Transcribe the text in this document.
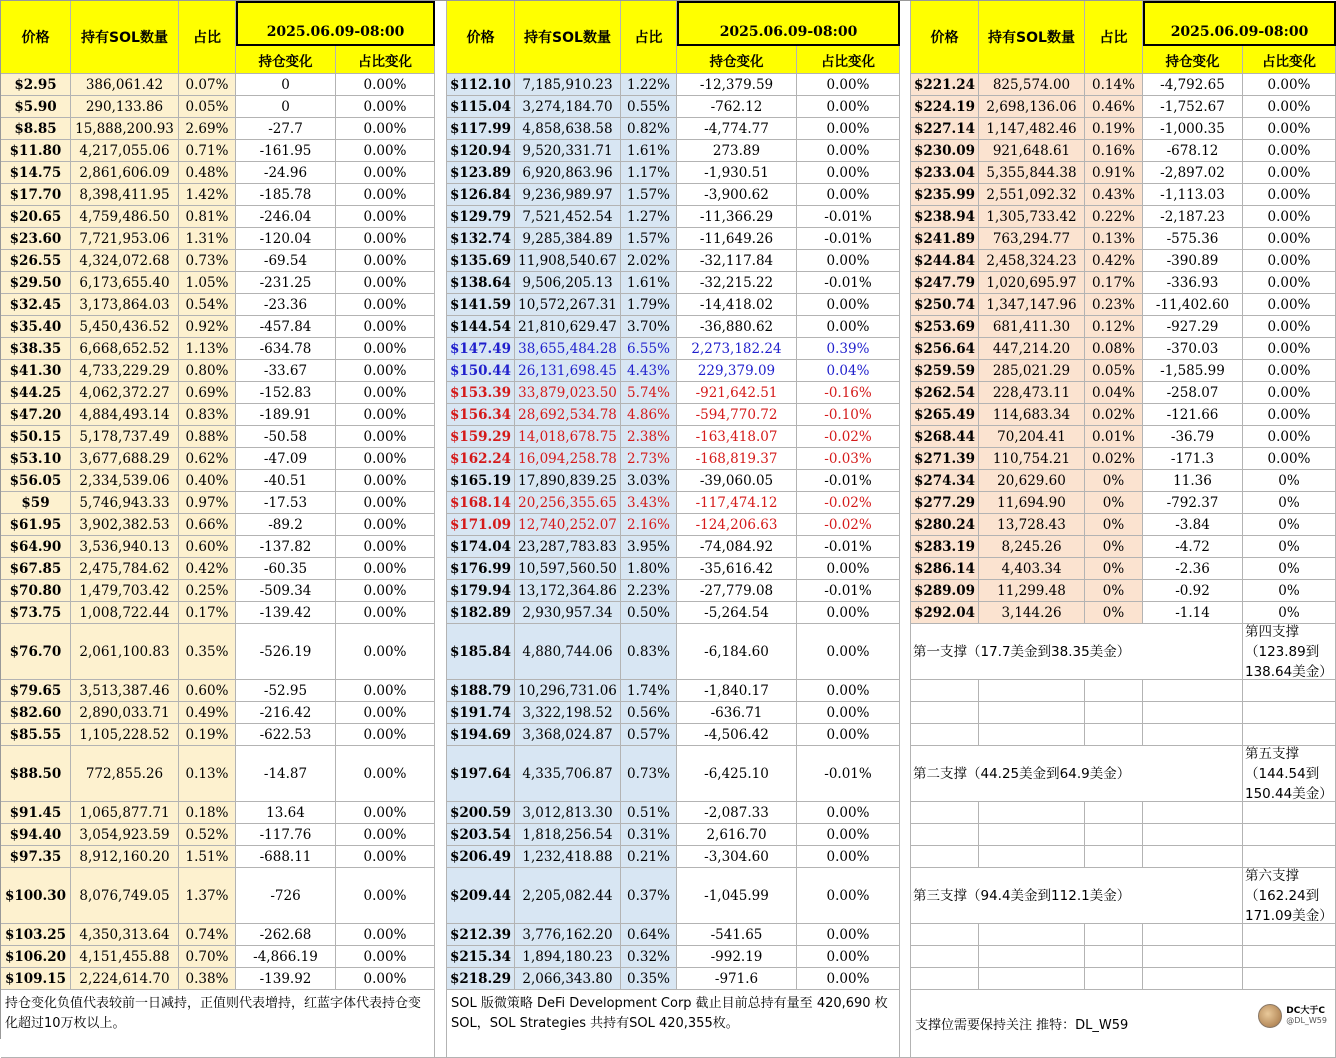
价格	持有SOL数量	占比	2025.06.09-08:00
持仓变化	占比变化
价格	持有SOL数量	占比	2025.06.09-08:00
持仓变化	占比变化
价格	持有SOL数量	占比	2025.06.09-08:00
持仓变化	占比变化
$2.95	386,061.42	0.07%	0	0.00%
$5.90	290,133.86	0.05%	0	0.00%
$8.85	15,888,200.93 2.69%	-27.7	0.00%
$11.80	4,217,055.06	0.71%	-161.95	0.00%
$14.75	2,861,606.09	0.48%	-24.96	0.00%
$17.70	8,398,411.95	1.42%	-185.78	0.00%
$20.65	4,759,486.50	0.81%	-246.04	0.00%
$23.60	7,721,953.06	1.31%	-120.04	0.00%
$26.55	4,324,072.68	0.73%	-69.54	0.00%
$29.50	6,173,655.40	1.05%	-231.25	0.00%
$32.45	3,173,864.03	0.54%	-23.36	0.00%
$35.40	5,450,436.52	0.92%	-457.84	0.00%
$38.35	6,668,652.52	1.13%	-634.78	0.00%
$41.30	4,733,229.29	0.80%	-33.67	0.00%
$44.25	4,062,372.27	0.69%	-152.83	0.00%
$47.20	4,884,493.14	0.83%	-189.91	0.00%
$50.15	5,178,737.49	0.88%	-50.58	0.00%
$53.10	3,677,688.29	0.62%	-47.09	0.00%
$56.05	2,334,539.06	0.40%	-40.51	0.00%
$59	5,746,943.33	0.97%	-17.53	0.00%
$61.95	3,902,382.53	0.66%	-89.2	0.00%
$64.90	3,536,940.13	0.60%	-137.82	0.00%
$67.85	2,475,784.62	0.42%	-60.35	0.00%
$70.80	1,479,703.42	0.25%	-509.34	0.00%
$73.75	1,008,722.44	0.17%	-139.42	0.00%
$76.70	2,061,100.83	0.35%	-526.19	0.00%
$79.65	3,513,387.46	0.60%	-52.95	0.00%
$82.60	2,890,033.71	0.49%	-216.42	0.00%
$85.55	1,105,228.52	0.19%	-622.53	0.00%
$88.50	772,855.26	0.13%	-14.87	0.00%
$91.45	1,065,877.71	0.18%	13.64	0.00%
$94.40	3,054,923.59	0.52%	-117.76	0.00%
$97.35	8,912,160.20	1.51%	-688.11	0.00%
$100.30 8,076,749.05	1.37%	-726	0.00%
$103.25 4,350,313.64	0.74%	-262.68	0.00%
$106.20 4,151,455.88	0.70%	-4,866.19	0.00%
$109.15 2,224,614.70	0.38%	-139.92	0.00%
$112.10 7,185,910.23	1.22%	-12,379.59	0.00%
$115.04 3,274,184.70	0.55%	-762.12	0.00%
$117.99 4,858,638.58	0.82%	-4,774.77	0.00%
$120.94 9,520,331.71	1.61%	273.89	0.00%
$123.89 6,920,863.96	1.17%	-1,930.51	0.00%
$126.84 9,236,989.97	1.57%	-3,900.62	0.00%
$129.79 7,521,452.54	1.27%	-11,366.29	-0.01%
$132.74 9,285,384.89	1.57%	-11,649.26	-0.01%
$135.69 11,908,540.67 2.02%	-32,117.84	0.00%
$138.64 9,506,205.13	1.61%	-32,215.22	-0.01%
$141.59 10,572,267.31 1.79%	-14,418.02	0.00%
$144.54 21,810,629.47 3.70%	-36,880.62	0.00%
$147.49 38,655,484.28 6.55%	2,273,182.24	0.39%
$150.44 26,131,698.45 4.43%	229,379.09	0.04%
$153.39 33,879,023.50 5.74%	-921,642.51	-0.16%
$156.34 28,692,534.78 4.86%	-594,770.72	-0.10%
$159.29 14,018,678.75 2.38%	-163,418.07	-0.02%
$162.24 16,094,258.78 2.73%	-168,819.37	-0.03%
$165.19 17,890,839.25 3.03%	-39,060.05	-0.01%
$168.14 20,256,355.65 3.43%	-117,474.12	-0.02%
$171.09 12,740,252.07 2.16%	-124,206.63	-0.02%
$174.04 23,287,783.83 3.95%	-74,084.92	-0.01%
$176.99 10,597,560.50 1.80%	-35,616.42	0.00%
$179.94 13,172,364.86 2.23%	-27,779.08	-0.01%
$182.89 2,930,957.34	0.50%	-5,264.54	0.00%
$185.84 4,880,744.06	0.83%	-6,184.60	0.00%
$188.79 10,296,731.06 1.74%	-1,840.17	0.00%
$191.74 3,322,198.52	0.56%	-636.71	0.00%
$194.69 3,368,024.87	0.57%	-4,506.42	0.00%
$197.64 4,335,706.87	0.73%	-6,425.10	-0.01%
$200.59 3,012,813.30	0.51%	-2,087.33	0.00%
$203.54 1,818,256.54	0.31%	2,616.70	0.00%
$206.49 1,232,418.88	0.21%	-3,304.60	0.00%
$209.44 2,205,082.44	0.37%	-1,045.99	0.00%
$212.39 3,776,162.20	0.64%	-541.65	0.00%
$215.34 1,894,180.23	0.32%	-992.19	0.00%
$218.29 2,066,343.80	0.35%	-971.6	0.00%
$221.24	825,574.00	0.14%	-4,792.65	0.00%
$224.19 2,698,136.06	0.46%	-1,752.67	0.00%
$227.14 1,147,482.46	0.19%	-1,000.35	0.00%
$230.09	921,648.61	0.16%	-678.12	0.00%
$233.04 5,355,844.38	0.91%	-2,897.02	0.00%
$235.99 2,551,092.32	0.43%	-1,113.03	0.00%
$238.94 1,305,733.42	0.22%	-2,187.23	0.00%
$241.89	763,294.77	0.13%	-575.36	0.00%
$244.84 2,458,324.23	0.42%	-390.89	0.00%
$247.79 1,020,695.97	0.17%	-336.93	0.00%
$250.74 1,347,147.96	0.23%	-11,402.60	0.00%
$253.69	681,411.30	0.12%	-927.29	0.00%
$256.64	447,214.20	0.08%	-370.03	0.00%
$259.59	285,021.29	0.05%	-1,585.99	0.00%
$262.54	228,473.11	0.04%	-258.07	0.00%
$265.49	114,683.34	0.02%	-121.66	0.00%
$268.44	70,204.41	0.01%	-36.79	0.00%
$271.39	110,754.21	0.02%	-171.3	0.00%
$274.34	20,629.60	0%	11.36	0%
$277.29	11,694.90	0%	-792.37	0%
$280.24	13,728.43	0%	-3.84	0%
$283.19	8,245.26	0%	-4.72	0%
$286.14	4,403.34	0%	-2.36	0%
$289.09	11,299.48	0%	-0.92	0%
$292.04	3,144.26	0%	-1.14	0%
第一支撑（17.7美金到38.35美金）
第四支撑（123.89到138.64美金）
第二支撑（44.25美金到64.9美金）
第五支撑（144.54到150.44美金）
第三支撑（94.4美金到112.1美金）
第六支撑（162.24到171.09美金）
持仓变化负值代表较前一日减持，正值则代表增持，红蓝字体代表持仓变化超过10万枚以上。
SOL 版微策略 DeFi Development Corp 截止目前总持有量至 420,690 枚 SOL，SOL Strategies 共持有SOL 420,355枚。	支撑位需要保持关注 推特：DL_W59
DC大于C
@DL_W59
